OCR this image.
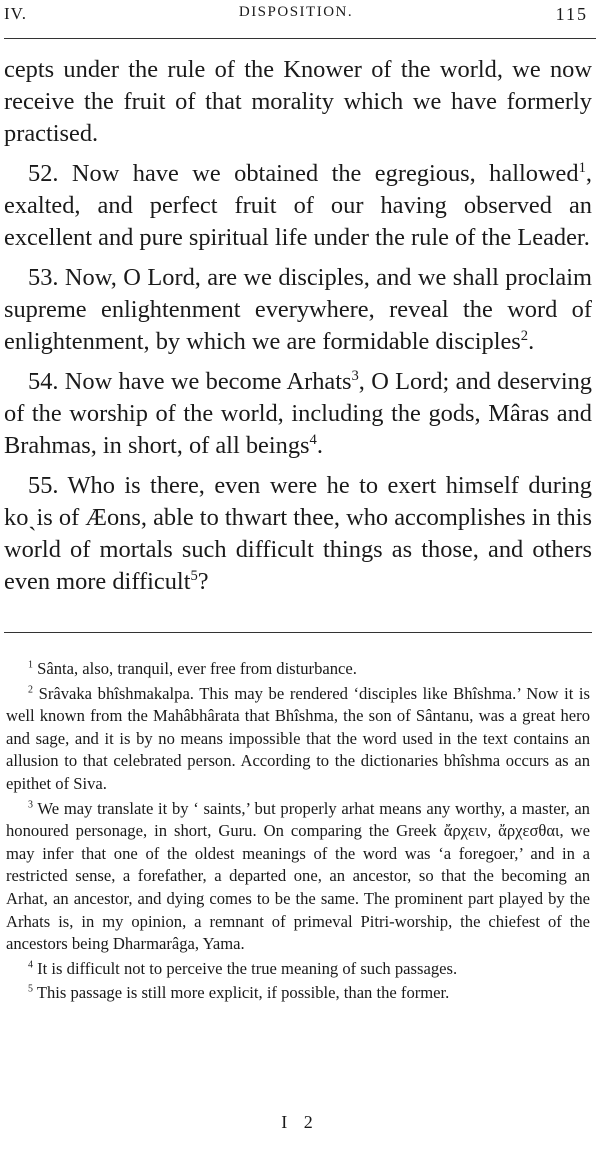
IV.	DISPOSITION.	115

cepts under the rule of the Knower of the world, we now receive the fruit of that morality which we have formerly practised.

52. Now have we obtained the egregious, hallowed$^1$, exalted, and perfect fruit of our having observed an excellent and pure spiritual life under the rule of the Leader.

53. Now, O Lord, are we disciples, and we shall proclaim supreme enlightenment everywhere, reveal the word of enlightenment, by which we are formidable disciples$^2$.

54. Now have we become Arhats$^3$, O Lord; and deserving of the worship of the world, including the gods, Mâras and Brahmas, in short, of all beings$^4$.

55. Who is there, even were he to exert himself during koˏis of Æons, able to thwart thee, who accomplishes in this world of mortals such difficult things as those, and others even more difficult$^5$?

$^1$ Sânta, also, tranquil, ever free from disturbance.

$^2$ Srâvaka bhîshmakalpa. This may be rendered ‘disciples like Bhîshma.’ Now it is well known from the Mahâbhârata that Bhîshma, the son of Sântanu, was a great hero and sage, and it is by no means impossible that the word used in the text contains an allusion to that celebrated person. According to the dictionaries bhîshma occurs as an epithet of Siva.

$^3$ We may translate it by ‘ saints,’ but properly arhat means any worthy, a master, an honoured personage, in short, Guru. On comparing the Greek ἄρχειν, ἄρχεσθαι, we may infer that one of the oldest meanings of the word was ‘a foregoer,’ and in a restricted sense, a forefather, a departed one, an ancestor, so that the becoming an Arhat, an ancestor, and dying comes to be the same. The prominent part played by the Arhats is, in my opinion, a remnant of primeval Pitri-worship, the chiefest of the ancestors being Dharmarâga, Yama.

$^4$ It is difficult not to perceive the true meaning of such passages.

$^5$ This passage is still more explicit, if possible, than the former.

I 2
